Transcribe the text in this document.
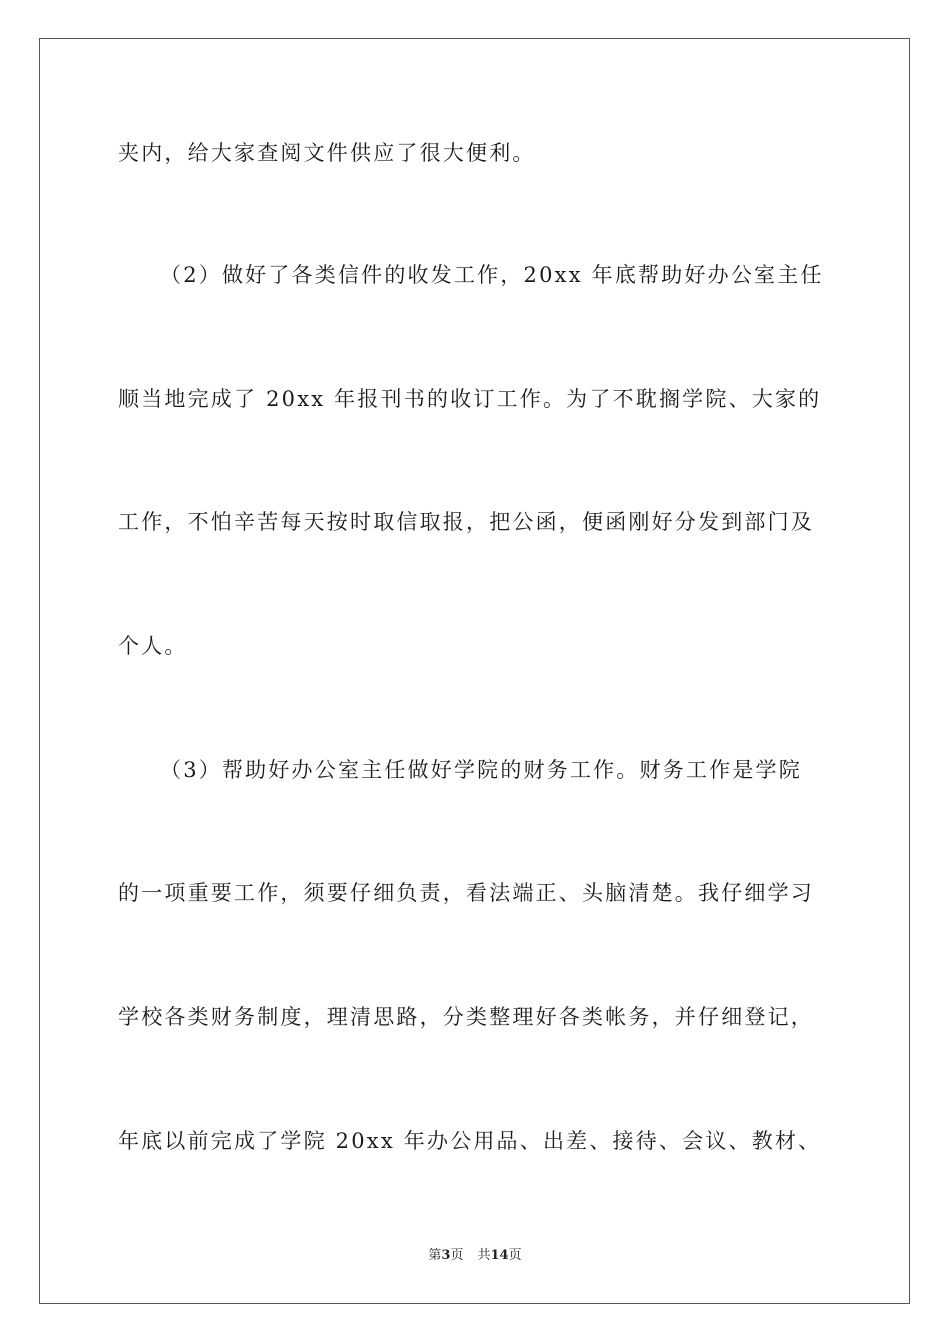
夹内，给大家查阅文件供应了很大便利。
（2）做好了各类信件的收发工作，20xx 年底帮助好办公室主任
顺当地完成了 20xx 年报刊书的收订工作。为了不耽搁学院、大家的
工作，不怕辛苦每天按时取信取报，把公函，便函刚好分发到部门及
个人。
（3）帮助好办公室主任做好学院的财务工作。财务工作是学院
的一项重要工作，须要仔细负责，看法端正、头脑清楚。我仔细学习
学校各类财务制度，理清思路，分类整理好各类帐务，并仔细登记，
年底以前完成了学院 20xx 年办公用品、出差、接待、会议、教材、
第3页 共14页
